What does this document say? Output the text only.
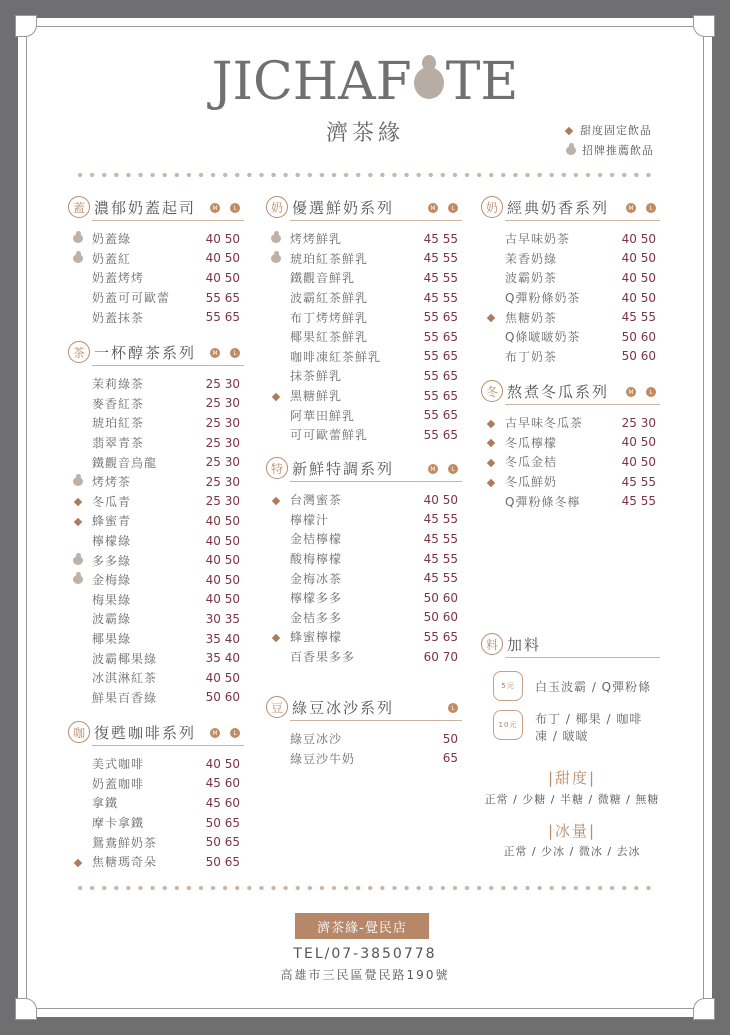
JICHAF TE
濟茶緣	甜度固定飲品
招牌推薦飲品
蓋 濃郁奶蓋起司	M	L
奶蓋綠	40 50
奶蓋紅	40 50
奶蓋烤烤	40 50
奶蓋可可歐蕾	55 65
奶蓋抹茶	55 65
茶 一杯醇茶系列	M	L
茉莉綠茶	25 30
麥香紅茶	25 30
琥珀紅茶	25 30
翡翠青茶	25 30
鐵觀音烏龍	25 30
烤烤茶	25 30
冬瓜青	25 30
蜂蜜青	40 50
檸檬綠	40 50
多多綠	40 50
金梅綠	40 50
梅果綠	40 50
波霸綠	30 35
椰果綠	35 40
波霸椰果綠	35 40
冰淇淋紅茶	40 50
鮮果百香綠	50 60
咖 復甦咖啡系列	M	L
美式咖啡	40 50
奶蓋咖啡	45 60
拿鐵	45 60
摩卡拿鐵	50 65
鴛鴦鮮奶茶	50 65
焦糖瑪奇朵	50 65
奶 優選鮮奶系列	M	L
烤烤鮮乳	45 55
琥珀紅茶鮮乳	45 55
鐵觀音鮮乳	45 55
波霸紅茶鮮乳	45 55
布丁烤烤鮮乳	55 65
椰果紅茶鮮乳	55 65
咖啡凍紅茶鮮乳	55 65
抹茶鮮乳	55 65
黑糖鮮乳	55 65
阿華田鮮乳	55 65
可可歐蕾鮮乳	55 65
特 新鮮特調系列	M	L
台灣蜜茶	40 50
檸檬汁	45 55
金桔檸檬	45 55
酸梅檸檬	45 55
金梅冰茶	45 55
檸檬多多	50 60
金桔多多	50 60
蜂蜜檸檬	55 65
百香果多多	60 70
豆 綠豆冰沙系列	L
綠豆冰沙	50
綠豆沙牛奶	65
奶 經典奶香系列	M	L
古早味奶茶	40 50
茉香奶綠	40 50
波霸奶茶	40 50
Q彈粉條奶茶	40 50
焦糖奶茶	45 55
Q條啵啵奶茶	50 60
布丁奶茶	50 60
冬 熬煮冬瓜系列	M	L
古早味冬瓜茶	25 30
冬瓜檸檬	40 50
冬瓜金桔	40 50
冬瓜鮮奶	45 55
Q彈粉條冬檸	45 55
料 加料
5元	白玉波霸 / Q彈粉條
10元	布丁 / 椰果 / 咖啡凍 / 啵啵
|甜度|
正常 / 少糖 / 半糖 / 微糖 / 無糖
|冰量|
正常 / 少冰 / 微冰 / 去冰
濟茶緣-覺民店
TEL/07-3850778
高雄市三民區覺民路190號
